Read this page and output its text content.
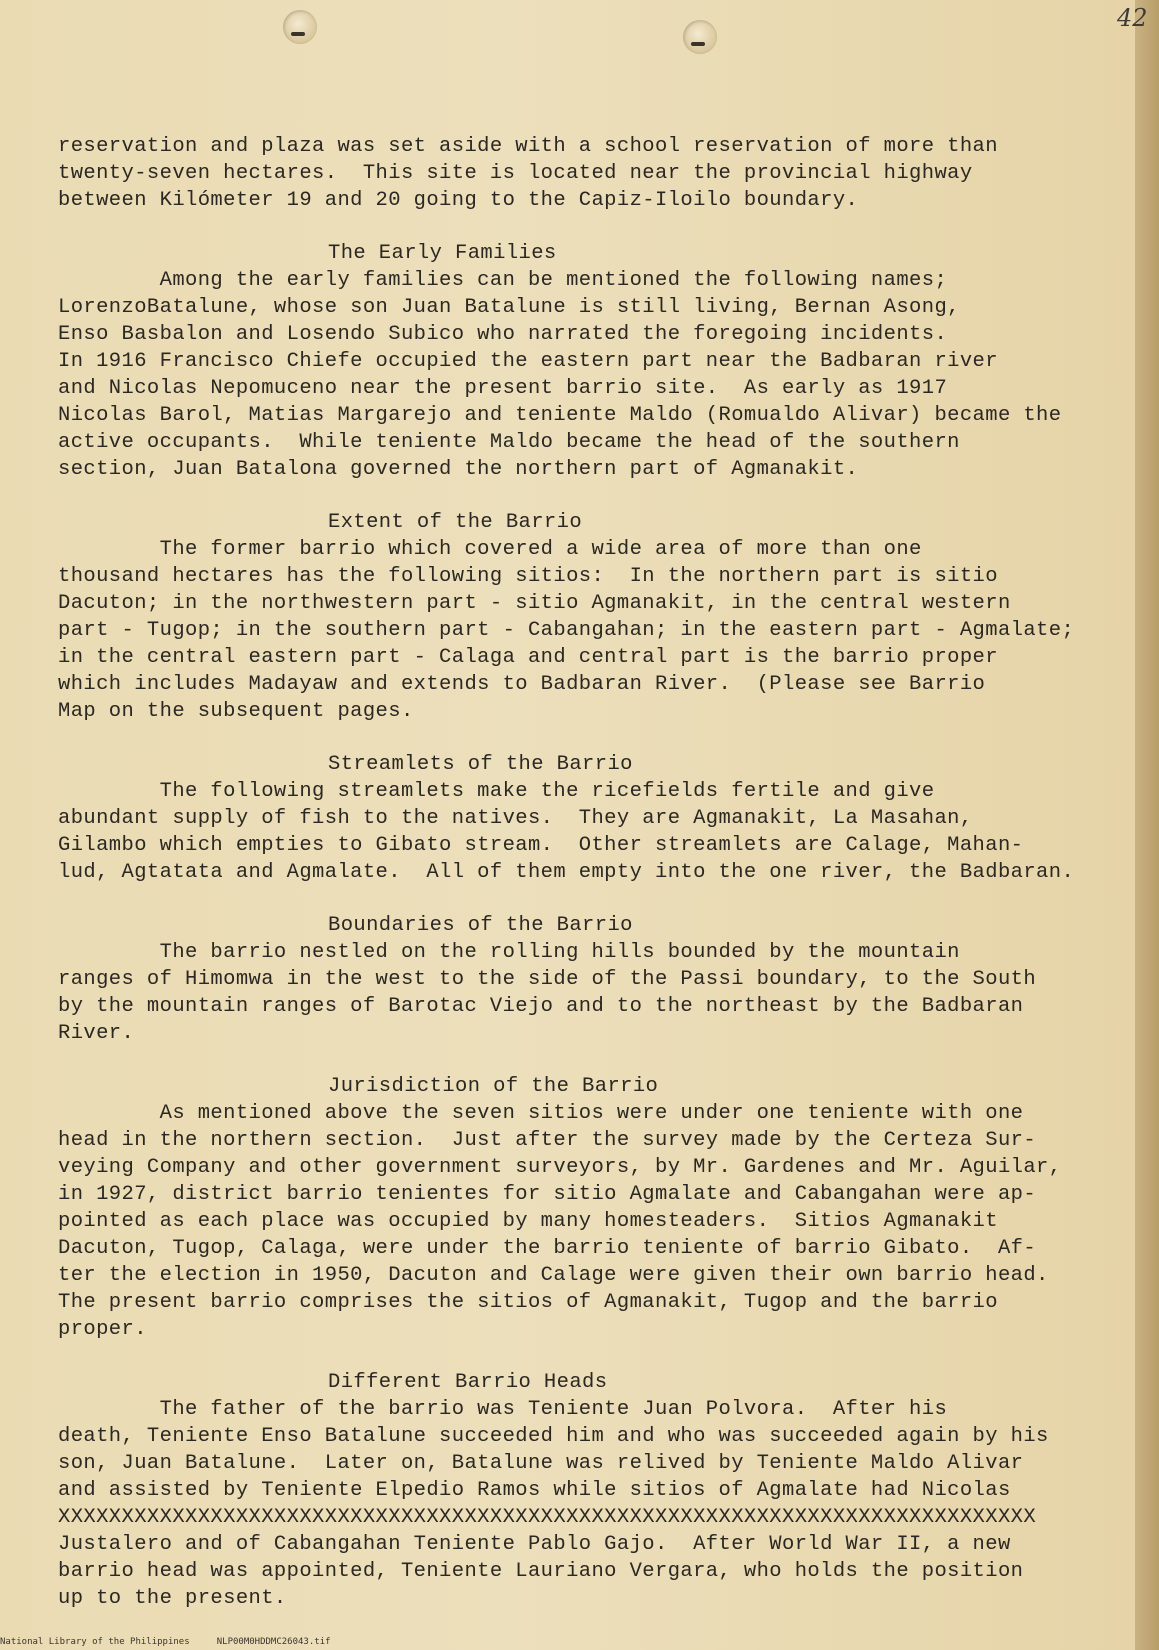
42
reservation and plaza was set aside with a school reservation of more than
twenty-seven hectares.  This site is located near the provincial highway
between Kilómeter 19 and 20 going to the Capiz-Iloilo boundary.
The Early Families
Among the early families can be mentioned the following names;
LorenzoBatalune, whose son Juan Batalune is still living, Bernan Asong,
Enso Basbalon and Losendo Subico who narrated the foregoing incidents.
In 1916 Francisco Chiefe occupied the eastern part near the Badbaran river
and Nicolas Nepomuceno near the present barrio site.  As early as 1917
Nicolas Barol, Matias Margarejo and teniente Maldo (Romualdo Alivar) became the
active occupants.  While teniente Maldo became the head of the southern
section, Juan Batalona governed the northern part of Agmanakit.
Extent of the Barrio
The former barrio which covered a wide area of more than one
thousand hectares has the following sitios:  In the northern part is sitio
Dacuton; in the northwestern part - sitio Agmanakit, in the central western
part - Tugop; in the southern part - Cabangahan; in the eastern part - Agmalate;
in the central eastern part - Calaga and central part is the barrio proper
which includes Madayaw and extends to Badbaran River.  (Please see Barrio
Map on the subsequent pages.
Streamlets of the Barrio
The following streamlets make the ricefields fertile and give
abundant supply of fish to the natives.  They are Agmanakit, La Masahan,
Gilambo which empties to Gibato stream.  Other streamlets are Calage, Mahan-
lud, Agtatata and Agmalate.  All of them empty into the one river, the Badbaran.
Boundaries of the Barrio
The barrio nestled on the rolling hills bounded by the mountain
ranges of Himomwa in the west to the side of the Passi boundary, to the South
by the mountain ranges of Barotac Viejo and to the northeast by the Badbaran
River.
Jurisdiction of the Barrio
As mentioned above the seven sitios were under one teniente with one
head in the northern section.  Just after the survey made by the Certeza Sur-
veying Company and other government surveyors, by Mr. Gardenes and Mr. Aguilar,
in 1927, district barrio tenientes for sitio Agmalate and Cabangahan were ap-
pointed as each place was occupied by many homesteaders.  Sitios Agmanakit
Dacuton, Tugop, Calaga, were under the barrio teniente of barrio Gibato.  Af-
ter the election in 1950, Dacuton and Calage were given their own barrio head.
The present barrio comprises the sitios of Agmanakit, Tugop and the barrio
proper.
Different Barrio Heads
The father of the barrio was Teniente Juan Polvora.  After his
death, Teniente Enso Batalune succeeded him and who was succeeded again by his
son, Juan Batalune.  Later on, Batalune was relived by Teniente Maldo Alivar
and assisted by Teniente Elpedio Ramos while sitios of Agmalate had Nicolas
XXXXXXXXXXXXXXXXXXXXXXXXXXXXXXXXXXXXXXXXXXXXXXXXXXXXXXXXXXXXXXXXXXXXXXXXXXXXX
Justalero and of Cabangahan Teniente Pablo Gajo.  After World War II, a new
barrio head was appointed, Teniente Lauriano Vergara, who holds the position
up to the present.
National Library of the Philippines     NLP00M0HDDMC26043.tif
